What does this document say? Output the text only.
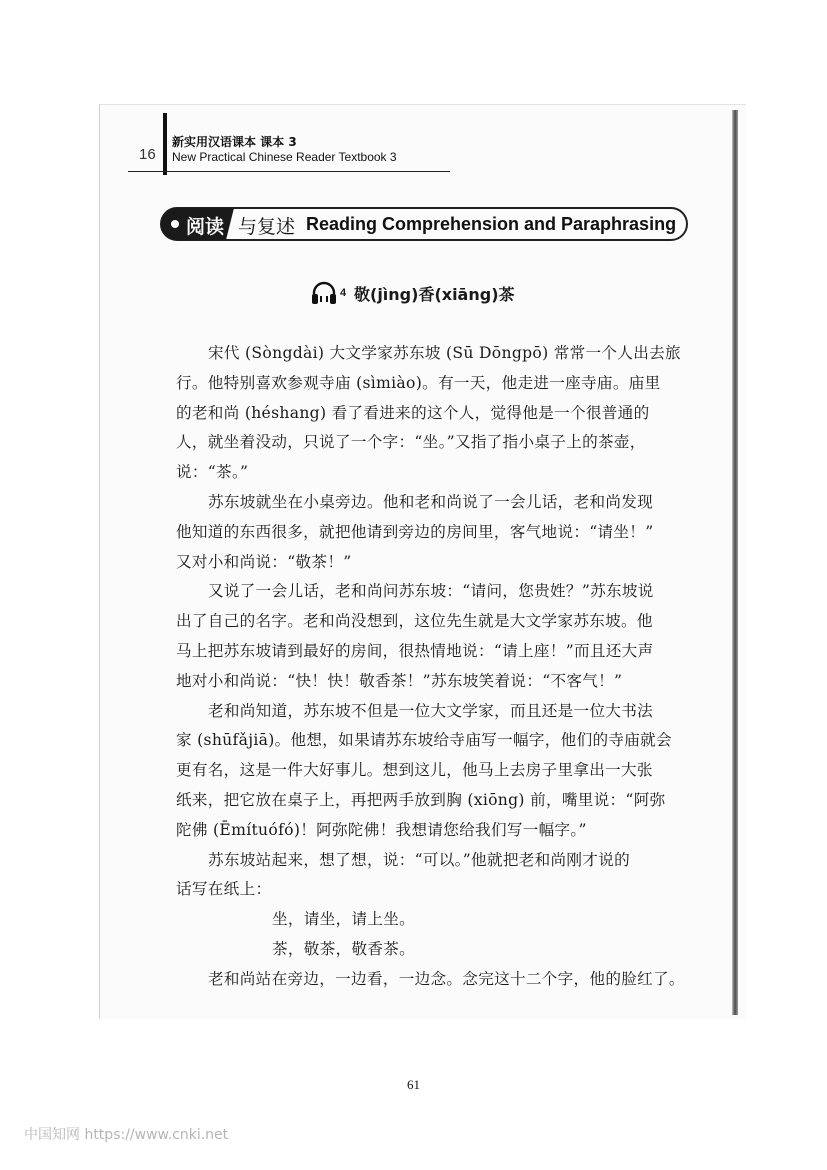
16
新实用汉语课本 课本 3
New Practical Chinese Reader Textbook 3
阅读 与复述 Reading Comprehension and Paraphrasing
4 敬(jìng)香(xiāng)茶
宋代 (Sòngdài) 大文学家苏东坡 (Sū Dōngpō) 常常一个人出去旅
行。他特别喜欢参观寺庙 (sìmiào)。有一天，他走进一座寺庙。庙里
的老和尚 (héshang) 看了看进来的这个人，觉得他是一个很普通的
人，就坐着没动，只说了一个字：“坐。”又指了指小桌子上的茶壶，
说：“茶。”
苏东坡就坐在小桌旁边。他和老和尚说了一会儿话，老和尚发现
他知道的东西很多，就把他请到旁边的房间里，客气地说：“请坐！”
又对小和尚说：“敬茶！”
又说了一会儿话，老和尚问苏东坡：“请问，您贵姓？”苏东坡说
出了自己的名字。老和尚没想到，这位先生就是大文学家苏东坡。他
马上把苏东坡请到最好的房间，很热情地说：“请上座！”而且还大声
地对小和尚说：“快！快！敬香茶！”苏东坡笑着说：“不客气！”
老和尚知道，苏东坡不但是一位大文学家，而且还是一位大书法
家 (shūfǎjiā)。他想，如果请苏东坡给寺庙写一幅字，他们的寺庙就会
更有名，这是一件大好事儿。想到这儿，他马上去房子里拿出一大张
纸来，把它放在桌子上，再把两手放到胸 (xiōng) 前，嘴里说：“阿弥
陀佛 (Ēmítuófó)！阿弥陀佛！我想请您给我们写一幅字。”
苏东坡站起来，想了想，说：“可以。”他就把老和尚刚才说的
话写在纸上：
坐，请坐，请上坐。
茶，敬茶，敬香茶。
老和尚站在旁边，一边看，一边念。念完这十二个字，他的脸红了。
61
中国知网 https://www.cnki.net
